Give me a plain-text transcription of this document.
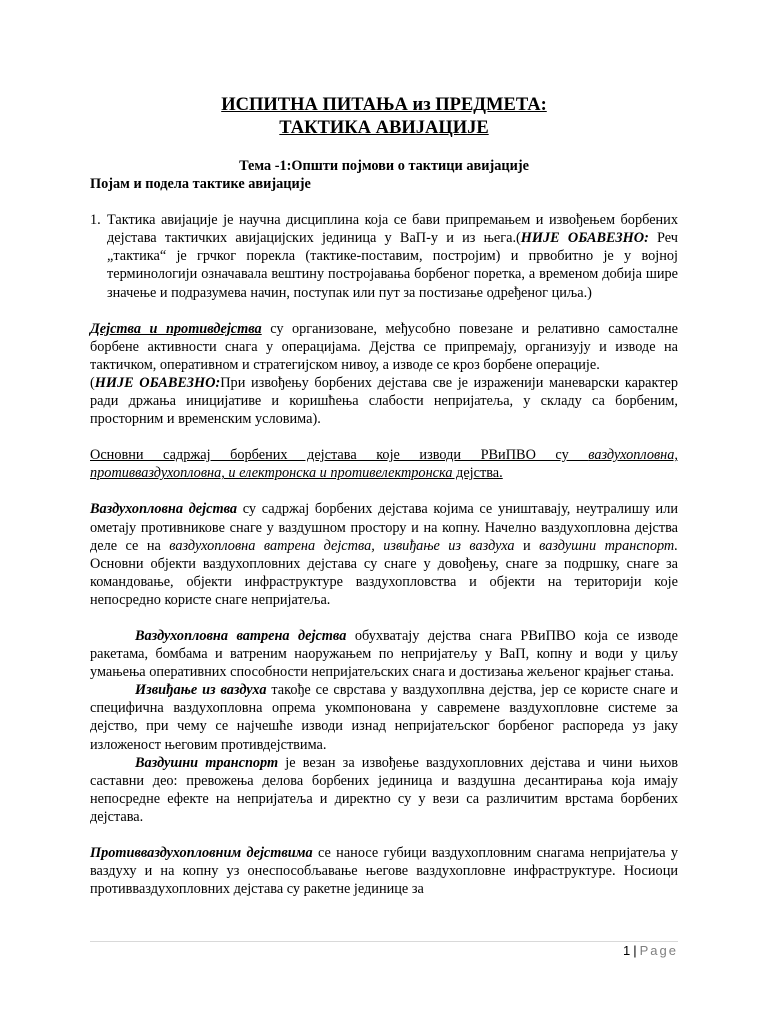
ИСПИТНА ПИТАЊА из ПРЕДМЕТА:

ТАКТИКА АВИЈАЦИЈЕ

Тема -1:Општи појмови о тактици авијације
Појам и подела тактике авијације
1. Тактика авијације је научна дисциплина која се бави припремањем и извођењем борбених дејстава тактичких авијацијских јединица у ВаП-у и из њега.(НИЈЕ ОБАВЕЗНО: Реч „тактика“ је грчког порекла (тактике-поставим, постројим) и првобитно је у војној терминологији означавала вештину постројавања борбеног поретка, а временом добија шире значење и подразумева начин, поступак или пут за постизање одређеног циља.)

Дејства и противдејства су организоване, међусобно повезане и релативно самосталне борбене активности снага у операцијама. Дејства се припремају, организују и изводе на тактичком, оперативном и стратегијском нивоу, а изводе се кроз борбене операције.
(НИЈЕ ОБАВЕЗНО:При извођењу борбених дејстава све је израженији маневарски карактер ради држања иницијативе и коришћења слабости непријатеља, у складу са борбеним, просторним и временским условима).

Основни садржај борбених дејстава које изводи РВиПВО су ваздухопловна, противваздухопловна, и електронска и противелектронска дејства.

Ваздухопловна дејства су садржај борбених дејстава којима се уништавају, неутралишу или ометају противникове снаге у ваздушном простору и на копну. Начелно ваздухопловна дејства деле се на ваздухопловна ватрена дејства, извиђање из ваздуха и ваздушни транспорт. Основни објекти ваздухопловних дејстава су снаге у довођењу, снаге за подршку, снаге за командовање, објекти инфраструктуре ваздухопловства и објекти на територији које непосредно користе снаге непријатеља.

Ваздухопловна ватрена дејства обухватају дејства снага РВиПВО која се изводе ракетама, бомбама и ватреним наоружањем по непријатељу у ВаП, копну и води у циљу умањења оперативних способности непријатељских снага и достизања жељеног крајњег стања.

Извиђање из ваздуха такође се сврстава у ваздухоплвна дејства, јер се користе снаге и специфична ваздухопловна опрема укомпонована у савремене ваздухопловне системе за дејство, при чему се најчешће изводи изнад непријатељског борбеног распореда уз јаку изложеност његовим противдејствима.

Ваздушни транспорт је везан за извођење ваздухопловних дејстава и чини њихов саставни део: превожења делова борбених јединица и ваздушна десантирања која имају непосредне ефекте на непријатеља и директно су у вези са различитим врстама борбених дејстава.

Противваздухопловним дејствима се наносе губици ваздухопловним снагама непријатеља у ваздуху и на копну уз онеспособљавање његове ваздухопловне инфраструктуре. Носиоци противваздухопловних дејстава су ракетне јединице за

1 | Page
